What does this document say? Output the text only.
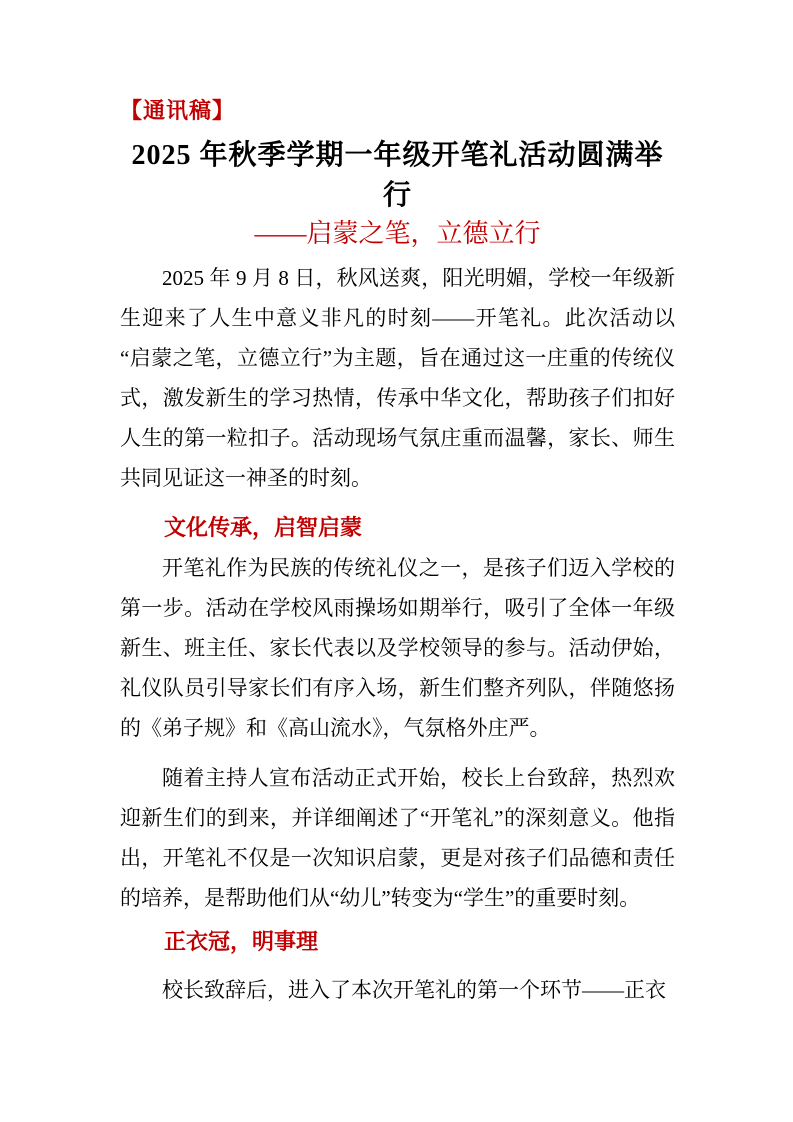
【通讯稿】
2025 年秋季学期一年级开笔礼活动圆满举行
——启蒙之笔，立德立行

2025 年 9 月 8 日，秋风送爽，阳光明媚，学校一年级新生迎来了人生中意义非凡的时刻——开笔礼。此次活动以“启蒙之笔，立德立行”为主题，旨在通过这一庄重的传统仪式，激发新生的学习热情，传承中华文化，帮助孩子们扣好人生的第一粒扣子。活动现场气氛庄重而温馨，家长、师生共同见证这一神圣的时刻。

文化传承，启智启蒙

开笔礼作为民族的传统礼仪之一，是孩子们迈入学校的第一步。活动在学校风雨操场如期举行，吸引了全体一年级新生、班主任、家长代表以及学校领导的参与。活动伊始，礼仪队员引导家长们有序入场，新生们整齐列队，伴随悠扬的《弟子规》和《高山流水》，气氛格外庄严。

随着主持人宣布活动正式开始，校长上台致辞，热烈欢迎新生们的到来，并详细阐述了“开笔礼”的深刻意义。他指出，开笔礼不仅是一次知识启蒙，更是对孩子们品德和责任的培养，是帮助他们从“幼儿”转变为“学生”的重要时刻。

正衣冠，明事理

校长致辞后，进入了本次开笔礼的第一个环节——正衣
